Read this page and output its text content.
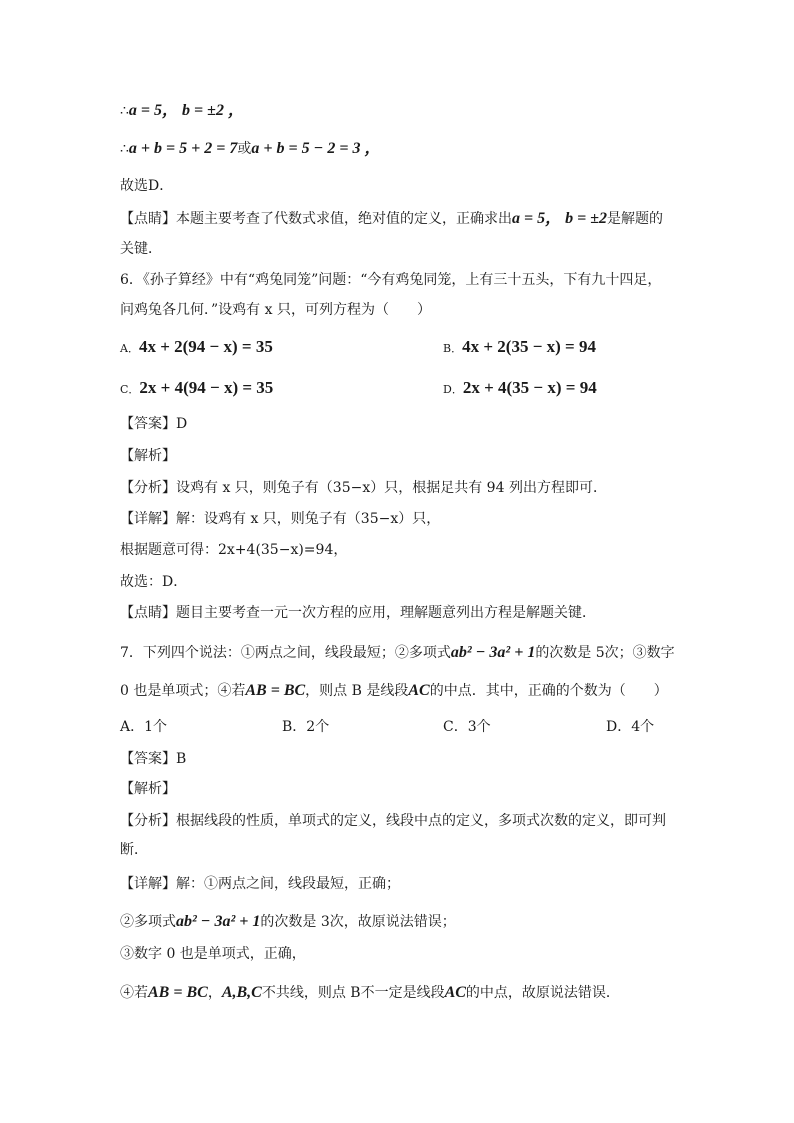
∴a = 5， b = ±2 ，
∴a + b = 5 + 2 = 7或a + b = 5 − 2 = 3 ，
故选D．
【点睛】本题主要考查了代数式求值，绝对值的定义，正确求出a = 5， b = ±2是解题的
关键．
6．《孙子算经》中有“鸡兔同笼”问题：“今有鸡兔同笼，上有三十五头，下有九十四足，
问鸡兔各几何．”设鸡有 x 只，可列方程为（　　）
A．4x + 2(94 − x) = 35	B．4x + 2(35 − x) = 94
C．2x + 4(94 − x) = 35	D．2x + 4(35 − x) = 94
【答案】D
【解析】
【分析】设鸡有 x 只，则兔子有（35−x）只，根据足共有 94 列出方程即可．
【详解】解：设鸡有 x 只，则兔子有（35−x）只，
根据题意可得：2x+4(35−x)=94，
故选：D．
【点睛】题目主要考查一元一次方程的应用，理解题意列出方程是解题关键．
7．下列四个说法：①两点之间，线段最短；②多项式ab² − 3a² + 1的次数是 5次；③数字
0 也是单项式；④若AB = BC，则点 B 是线段AC的中点．其中，正确的个数为（　　）
A．1个	B．2个	C．3个	D．4个
【答案】B
【解析】
【分析】根据线段的性质，单项式的定义，线段中点的定义，多项式次数的定义，即可判
断．
【详解】解：①两点之间，线段最短，正确；
②多项式ab² − 3a² + 1的次数是 3次，故原说法错误；
③数字 0 也是单项式，正确，
④若AB = BC，A,B,C不共线，则点 B不一定是线段AC的中点，故原说法错误．
